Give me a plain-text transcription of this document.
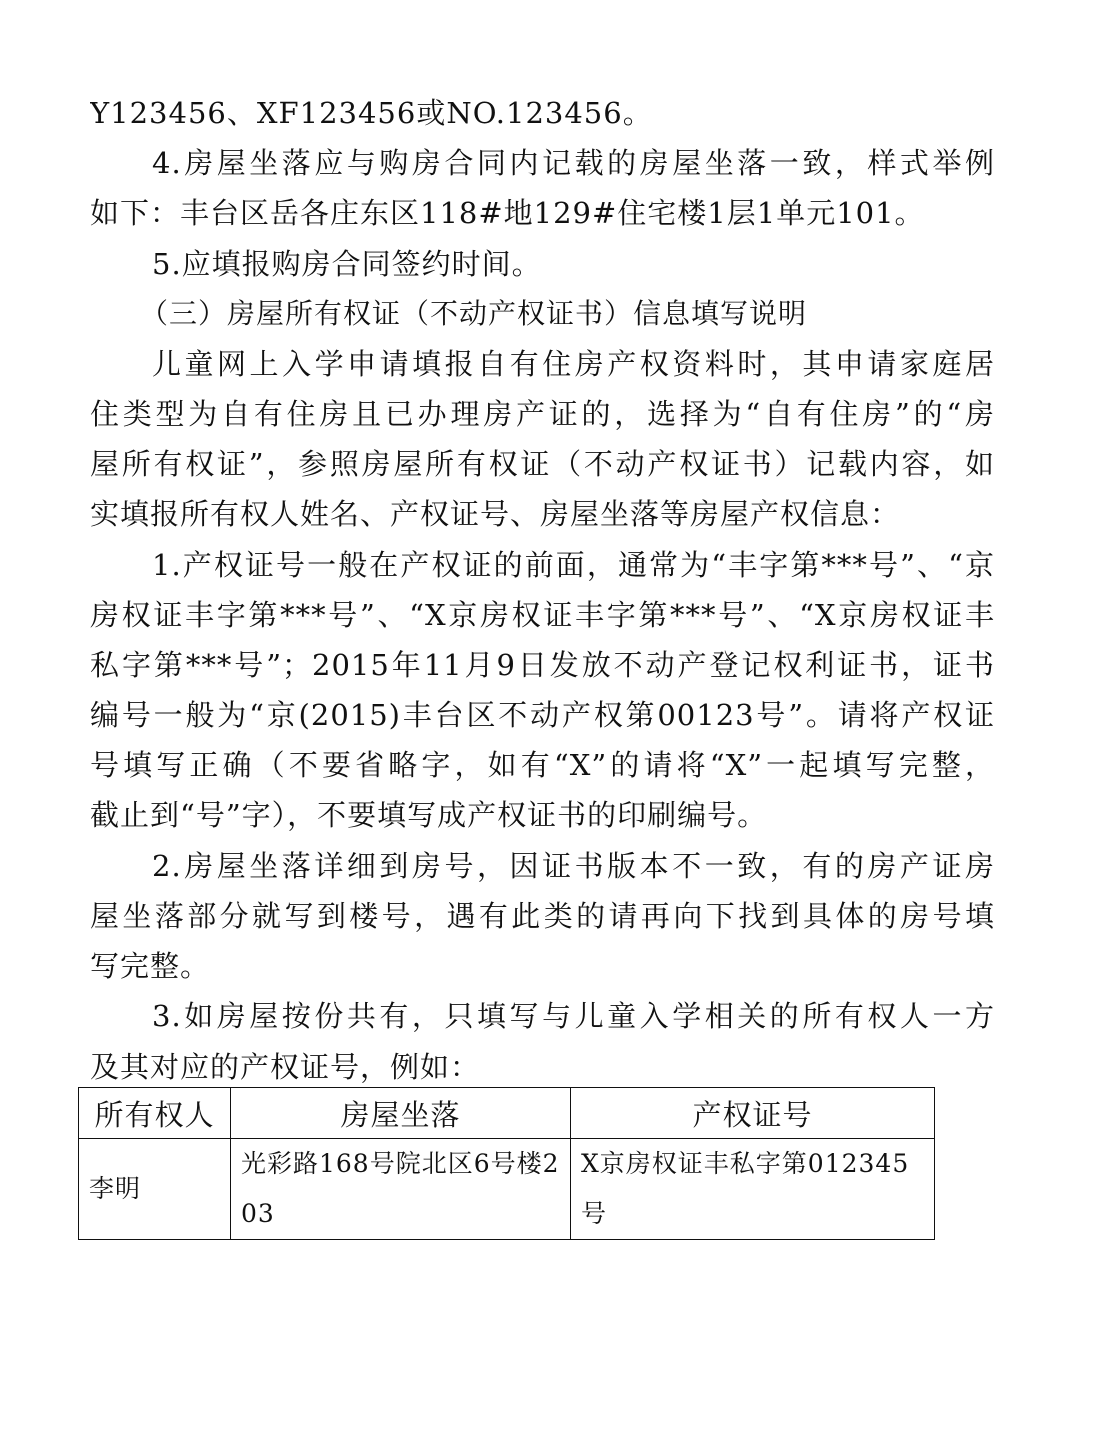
Y123456、XF123456或NO.123456。
4.房屋坐落应与购房合同内记载的房屋坐落一致，样式举例
如下：丰台区岳各庄东区118#地129#住宅楼1层1单元101。
5.应填报购房合同签约时间。
（三）房屋所有权证（不动产权证书）信息填写说明
儿童网上入学申请填报自有住房产权资料时，其申请家庭居
住类型为自有住房且已办理房产证的，选择为“自有住房”的“房
屋所有权证”，参照房屋所有权证（不动产权证书）记载内容，如
实填报所有权人姓名、产权证号、房屋坐落等房屋产权信息：
1.产权证号一般在产权证的前面，通常为“丰字第***号”、“京
房权证丰字第***号”、“X京房权证丰字第***号”、“X京房权证丰
私字第***号”；2015年11月9日发放不动产登记权利证书，证书
编号一般为“京(2015)丰台区不动产权第00123号”。请将产权证
号填写正确（不要省略字，如有“X”的请将“X”一起填写完整，
截止到“号”字），不要填写成产权证书的印刷编号。
2.房屋坐落详细到房号，因证书版本不一致，有的房产证房
屋坐落部分就写到楼号，遇有此类的请再向下找到具体的房号填
写完整。
3.如房屋按份共有，只填写与儿童入学相关的所有权人一方
及其对应的产权证号，例如：
所有权人	房屋坐落	产权证号
李明	光彩路168号院北区6号楼203	X京房权证丰私字第012345号
